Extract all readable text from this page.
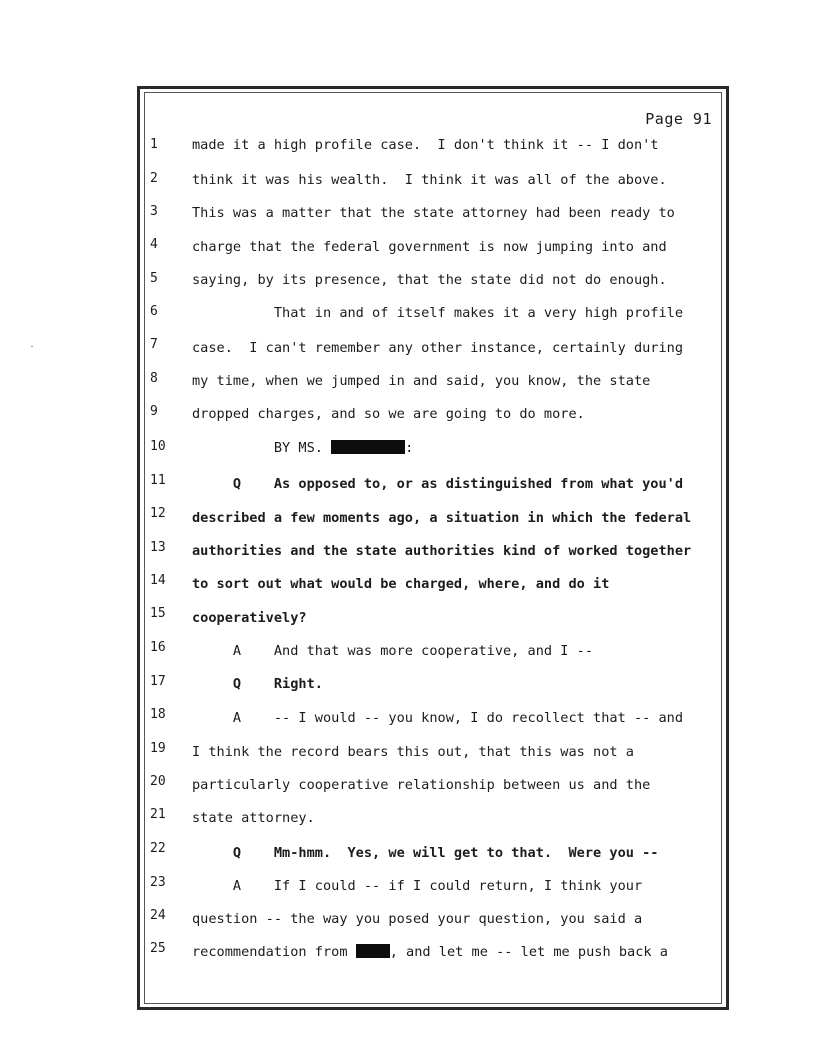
Page 91
1	made it a high profile case.  I don't think it -- I don't
2	think it was his wealth.  I think it was all of the above.
3	This was a matter that the state attorney had been ready to
4	charge that the federal government is now jumping into and
5	saying, by its presence, that the state did not do enough.
6	That in and of itself makes it a very high profile
7	case.  I can't remember any other instance, certainly during
8	my time, when we jumped in and said, you know, the state
9	dropped charges, and so we are going to do more.
10	BY MS.	:
11	Q    As opposed to, or as distinguished from what you'd
12	described a few moments ago, a situation in which the federal
13	authorities and the state authorities kind of worked together
14	to sort out what would be charged, where, and do it
15	cooperatively?
16	A    And that was more cooperative, and I --
17	Q    Right.
18	A    -- I would -- you know, I do recollect that -- and
19	I think the record bears this out, that this was not a
20	particularly cooperative relationship between us and the
21	state attorney.
22	Q    Mm-hmm.  Yes, we will get to that.  Were you --
23	A    If I could -- if I could return, I think your
24	question -- the way you posed your question, you said a
25	recommendation from	, and let me -- let me push back a
